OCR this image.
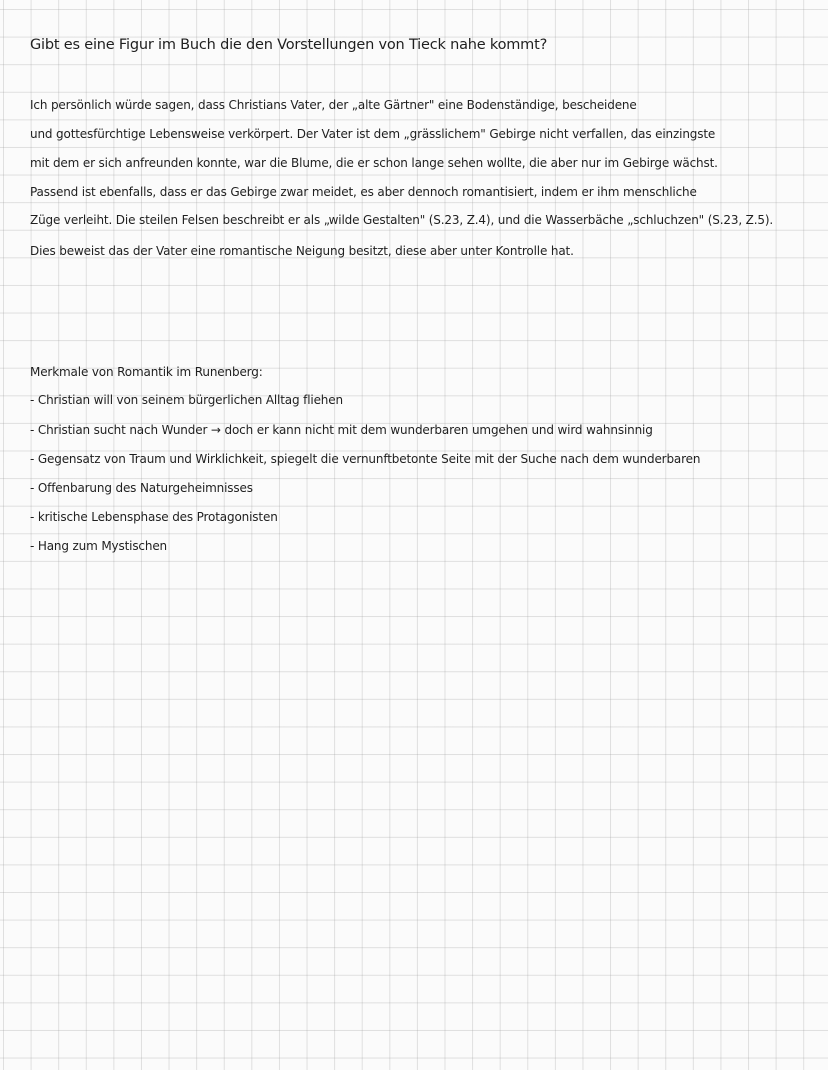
Gibt es eine Figur im Buch die den Vorstellungen von Tieck nahe kommt?
Ich persönlich würde sagen, dass Christians Vater, der „alte Gärtner" eine Bodenständige, bescheidene
und gottesfürchtige Lebensweise verkörpert. Der Vater ist dem „grässlichem" Gebirge nicht verfallen, das einzingste
mit dem er sich anfreunden konnte, war die Blume, die er schon lange sehen wollte, die aber nur im Gebirge wächst.
Passend ist ebenfalls, dass er das Gebirge zwar meidet, es aber dennoch romantisiert, indem er ihm menschliche
Züge verleiht. Die steilen Felsen beschreibt er als „wilde Gestalten" (S.23, Z.4), und die Wasserbäche „schluchzen" (S.23, Z.5).
Dies beweist das der Vater eine romantische Neigung besitzt, diese aber unter Kontrolle hat.
Merkmale von Romantik im Runenberg:
- Christian will von seinem bürgerlichen Alltag fliehen
- Christian sucht nach Wunder → doch er kann nicht mit dem wunderbaren umgehen und wird wahnsinnig
- Gegensatz von Traum und Wirklichkeit, spiegelt die vernunftbetonte Seite mit der Suche nach dem wunderbaren
- Offenbarung des Naturgeheimnisses
- kritische Lebensphase des Protagonisten
- Hang zum Mystischen
